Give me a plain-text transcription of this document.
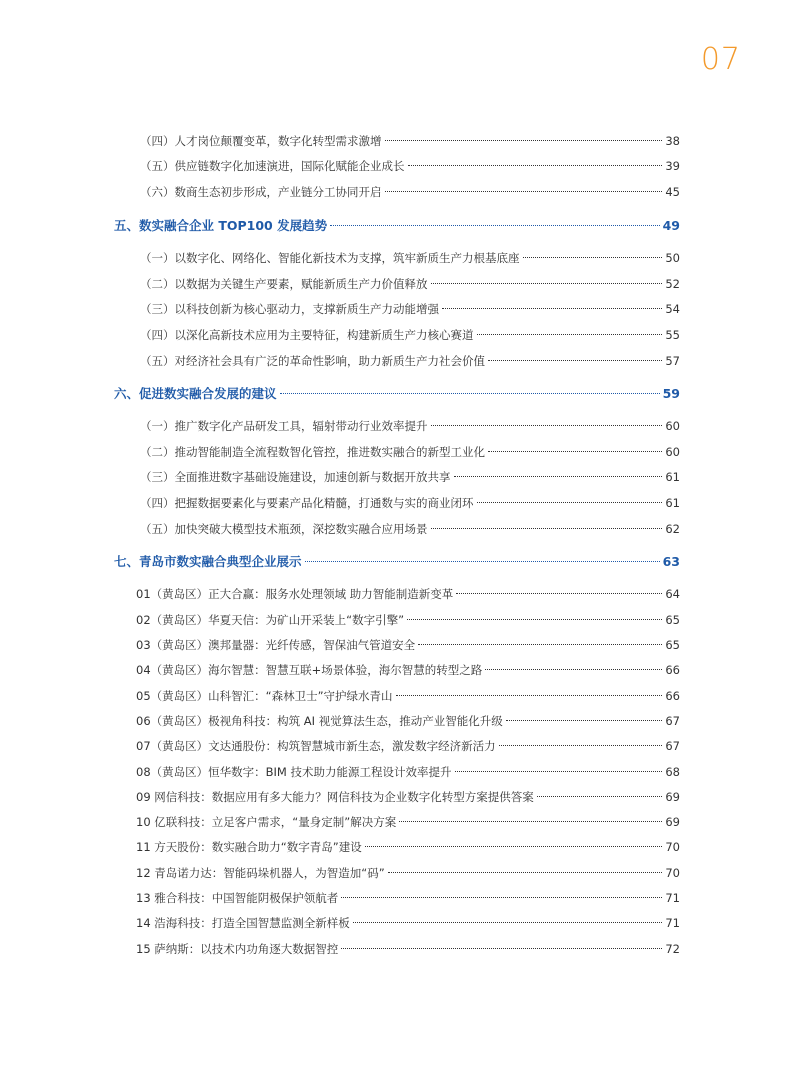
07
（四）人才岗位颠覆变革，数字化转型需求激增	38
（五）供应链数字化加速演进，国际化赋能企业成长	39
（六）数商生态初步形成，产业链分工协同开启	45
五、数实融合企业 TOP100 发展趋势	49
（一）以数字化、网络化、智能化新技术为支撑，筑牢新质生产力根基底座	50
（二）以数据为关键生产要素，赋能新质生产力价值释放	52
（三）以科技创新为核心驱动力，支撑新质生产力动能增强	54
（四）以深化高新技术应用为主要特征，构建新质生产力核心赛道	55
（五）对经济社会具有广泛的革命性影响，助力新质生产力社会价值	57
六、促进数实融合发展的建议	59
（一）推广数字化产品研发工具，辐射带动行业效率提升	60
（二）推动智能制造全流程数智化管控，推进数实融合的新型工业化	60
（三）全面推进数字基础设施建设，加速创新与数据开放共享	61
（四）把握数据要素化与要素产品化精髓，打通数与实的商业闭环	61
（五）加快突破大模型技术瓶颈，深挖数实融合应用场景	62
七、青岛市数实融合典型企业展示	63
01（黄岛区）正大合赢：服务水处理领域 助力智能制造新变革	64
02（黄岛区）华夏天信：为矿山开采装上“数字引擎”	65
03（黄岛区）澳邦量器：光纤传感，智保油气管道安全	65
04（黄岛区）海尔智慧：智慧互联+场景体验，海尔智慧的转型之路	66
05（黄岛区）山科智汇：“森林卫士”守护绿水青山	66
06（黄岛区）极视角科技：构筑 AI 视觉算法生态，推动产业智能化升级	67
07（黄岛区）文达通股份：构筑智慧城市新生态，激发数字经济新活力	67
08（黄岛区）恒华数字：BIM 技术助力能源工程设计效率提升	68
09 网信科技：数据应用有多大能力？网信科技为企业数字化转型方案提供答案	69
10 亿联科技：立足客户需求，“量身定制”解决方案	69
11 方天股份：数实融合助力“数字青岛”建设	70
12 青岛诺力达：智能码垛机器人，为智造加“码”	70
13 雅合科技：中国智能阴极保护领航者	71
14 浩海科技：打造全国智慧监测全新样板	71
15 萨纳斯：以技术内功角逐大数据智控	72
